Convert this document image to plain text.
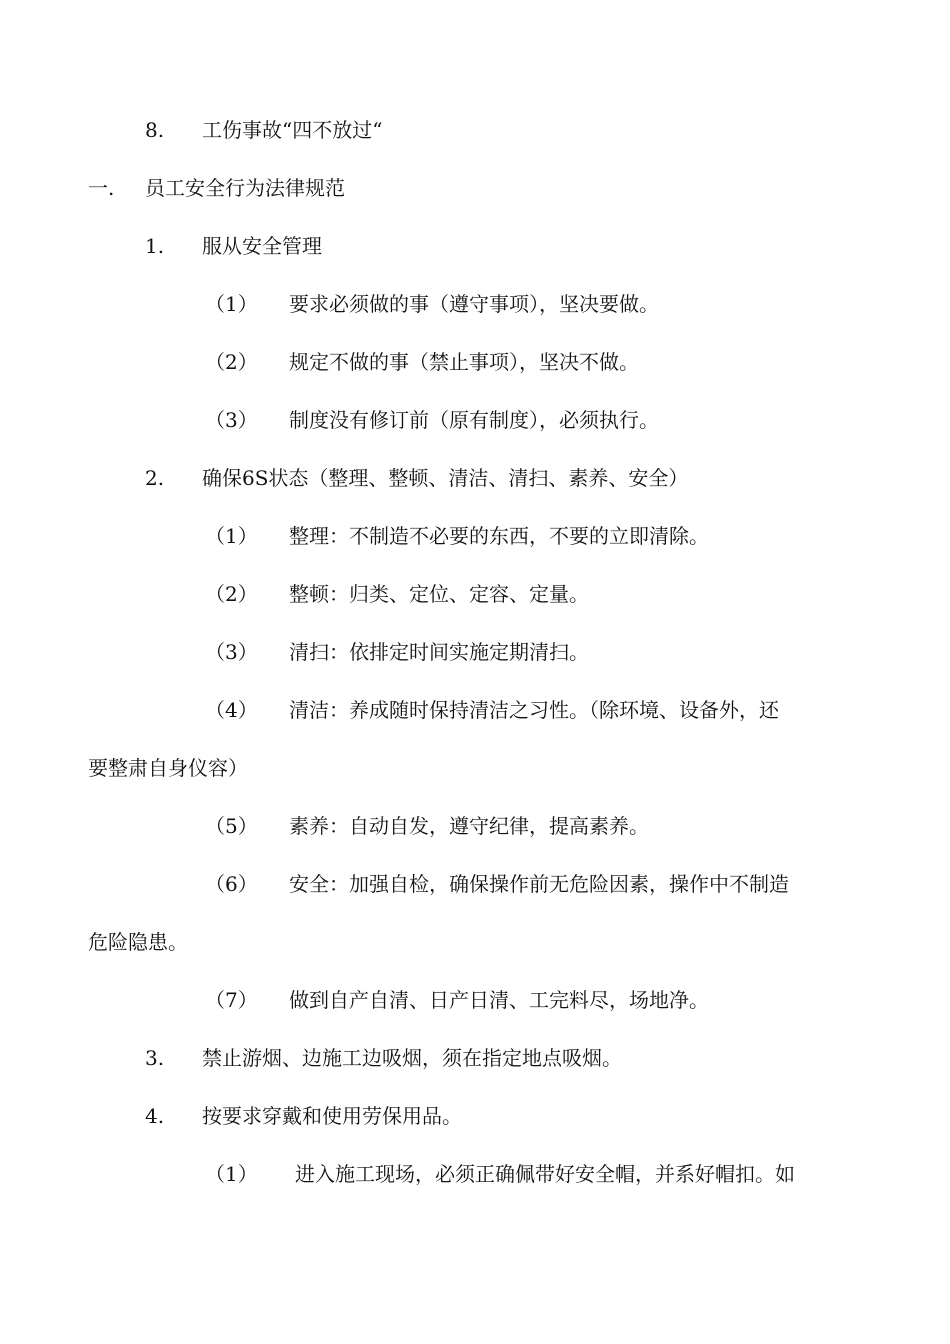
8. 工伤事故“四不放过“
一. 员工安全行为法律规范
1. 服从安全管理
（1） 要求必须做的事（遵守事项），坚决要做。
（2） 规定不做的事（禁止事项），坚决不做。
（3） 制度没有修订前（原有制度），必须执行。
2. 确保6S状态（整理、整顿、清洁、清扫、素养、安全）
（1） 整理：不制造不必要的东西，不要的立即清除。
（2） 整顿：归类、定位、定容、定量。
（3） 清扫：依排定时间实施定期清扫。
（4） 清洁：养成随时保持清洁之习性。（除环境、设备外，还
要整肃自身仪容）
（5） 素养：自动自发，遵守纪律，提高素养。
（6） 安全：加强自检，确保操作前无危险因素，操作中不制造
危险隐患。
（7） 做到自产自清、日产日清、工完料尽，场地净。
3. 禁止游烟、边施工边吸烟，须在指定地点吸烟。
4. 按要求穿戴和使用劳保用品。
（1） 进入施工现场，必须正确佩带好安全帽，并系好帽扣。如
